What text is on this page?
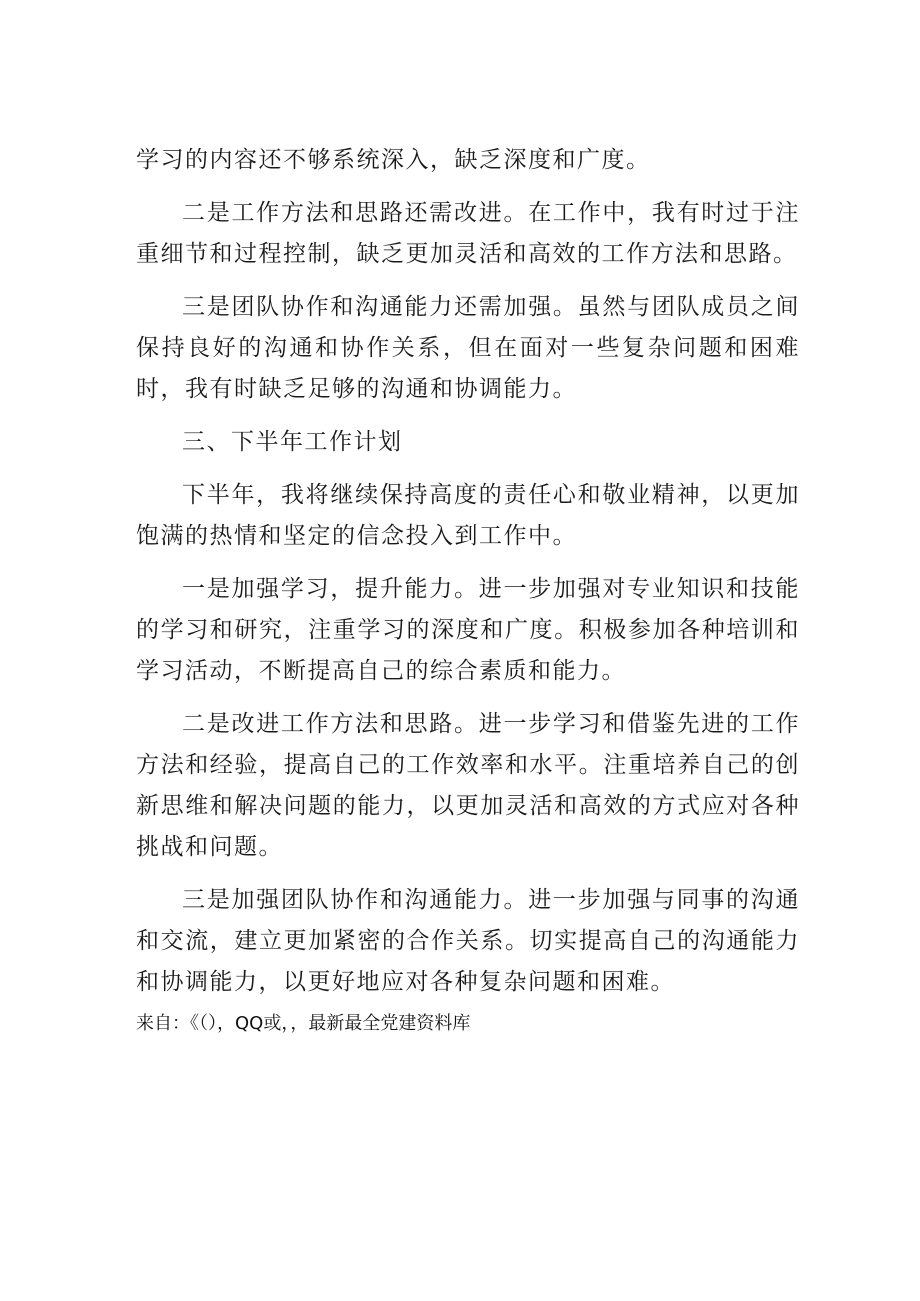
学习的内容还不够系统深入，缺乏深度和广度。

二是工作方法和思路还需改进。在工作中，我有时过于注重细节和过程控制，缺乏更加灵活和高效的工作方法和思路。

三是团队协作和沟通能力还需加强。虽然与团队成员之间保持良好的沟通和协作关系，但在面对一些复杂问题和困难时，我有时缺乏足够的沟通和协调能力。

三、下半年工作计划

下半年，我将继续保持高度的责任心和敬业精神，以更加饱满的热情和坚定的信念投入到工作中。

一是加强学习，提升能力。进一步加强对专业知识和技能的学习和研究，注重学习的深度和广度。积极参加各种培训和学习活动，不断提高自己的综合素质和能力。

二是改进工作方法和思路。进一步学习和借鉴先进的工作方法和经验，提高自己的工作效率和水平。注重培养自己的创新思维和解决问题的能力，以更加灵活和高效的方式应对各种挑战和问题。

三是加强团队协作和沟通能力。进一步加强与同事的沟通和交流，建立更加紧密的合作关系。切实提高自己的沟通能力和协调能力，以更好地应对各种复杂问题和困难。

来自：《（），QQ或，，最新最全党建资料库
